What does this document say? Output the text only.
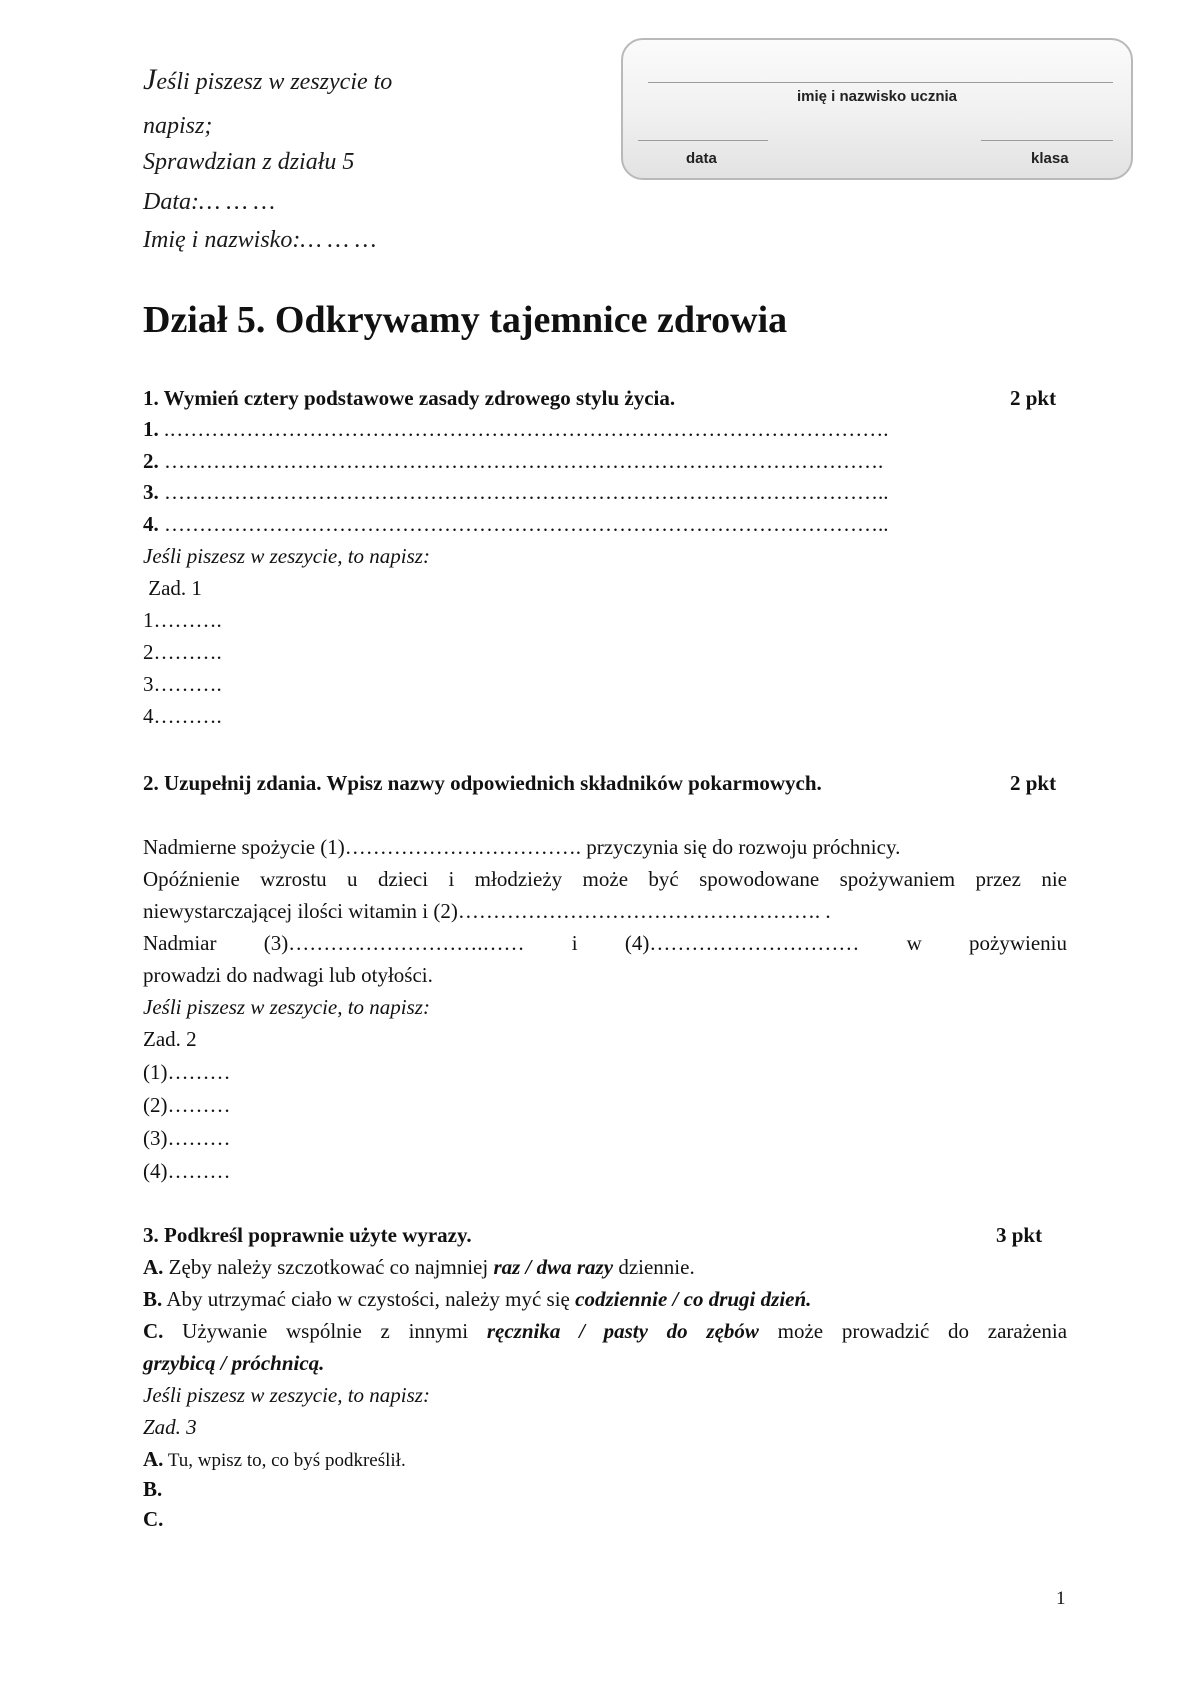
Jeśli piszesz w zeszycie to
napisz;
Sprawdzian z działu 5
Data:… … …
Imię i nazwisko:… … …
imię i nazwisko ucznia
data	klasa
Dział 5. Odkrywamy tajemnice zdrowia
1. Wymień cztery podstawowe zasady zdrowego stylu życia.	2 pkt
1. .………………………………………………………………………………………….
2. ………………………………………………………………………………………….
3. …………………………………………………………………………………………..
4. …………………………………………………………………………………………..
Jeśli piszesz w zeszycie, to napisz:
Zad. 1
1……….
2……….
3……….
4……….
2. Uzupełnij zdania. Wpisz nazwy odpowiednich składników pokarmowych.	2 pkt
Nadmierne spożycie (1)……………………………. przyczynia się do rozwoju próchnicy.
Opóźnienie wzrostu u dzieci i młodzieży może być spowodowane spożywaniem przez nie
niewystarczającej ilości witamin i (2)……………………………………………. .
Nadmiar (3)……………………….…… i (4)………………………… w pożywieniu
prowadzi do nadwagi lub otyłości.
Jeśli piszesz w zeszycie, to napisz:
Zad. 2
(1)………
(2)………
(3)………
(4)………
3. Podkreśl poprawnie użyte wyrazy.	3 pkt
A. Zęby należy szczotkować co najmniej raz / dwa razy dziennie.
B. Aby utrzymać ciało w czystości, należy myć się codziennie / co drugi dzień.
C. Używanie wspólnie z innymi ręcznika / pasty do zębów może prowadzić do zarażenia
grzybicą / próchnicą.
Jeśli piszesz w zeszycie, to napisz:
Zad. 3
A. Tu, wpisz to, co byś podkreślił.
B.
C.
1
